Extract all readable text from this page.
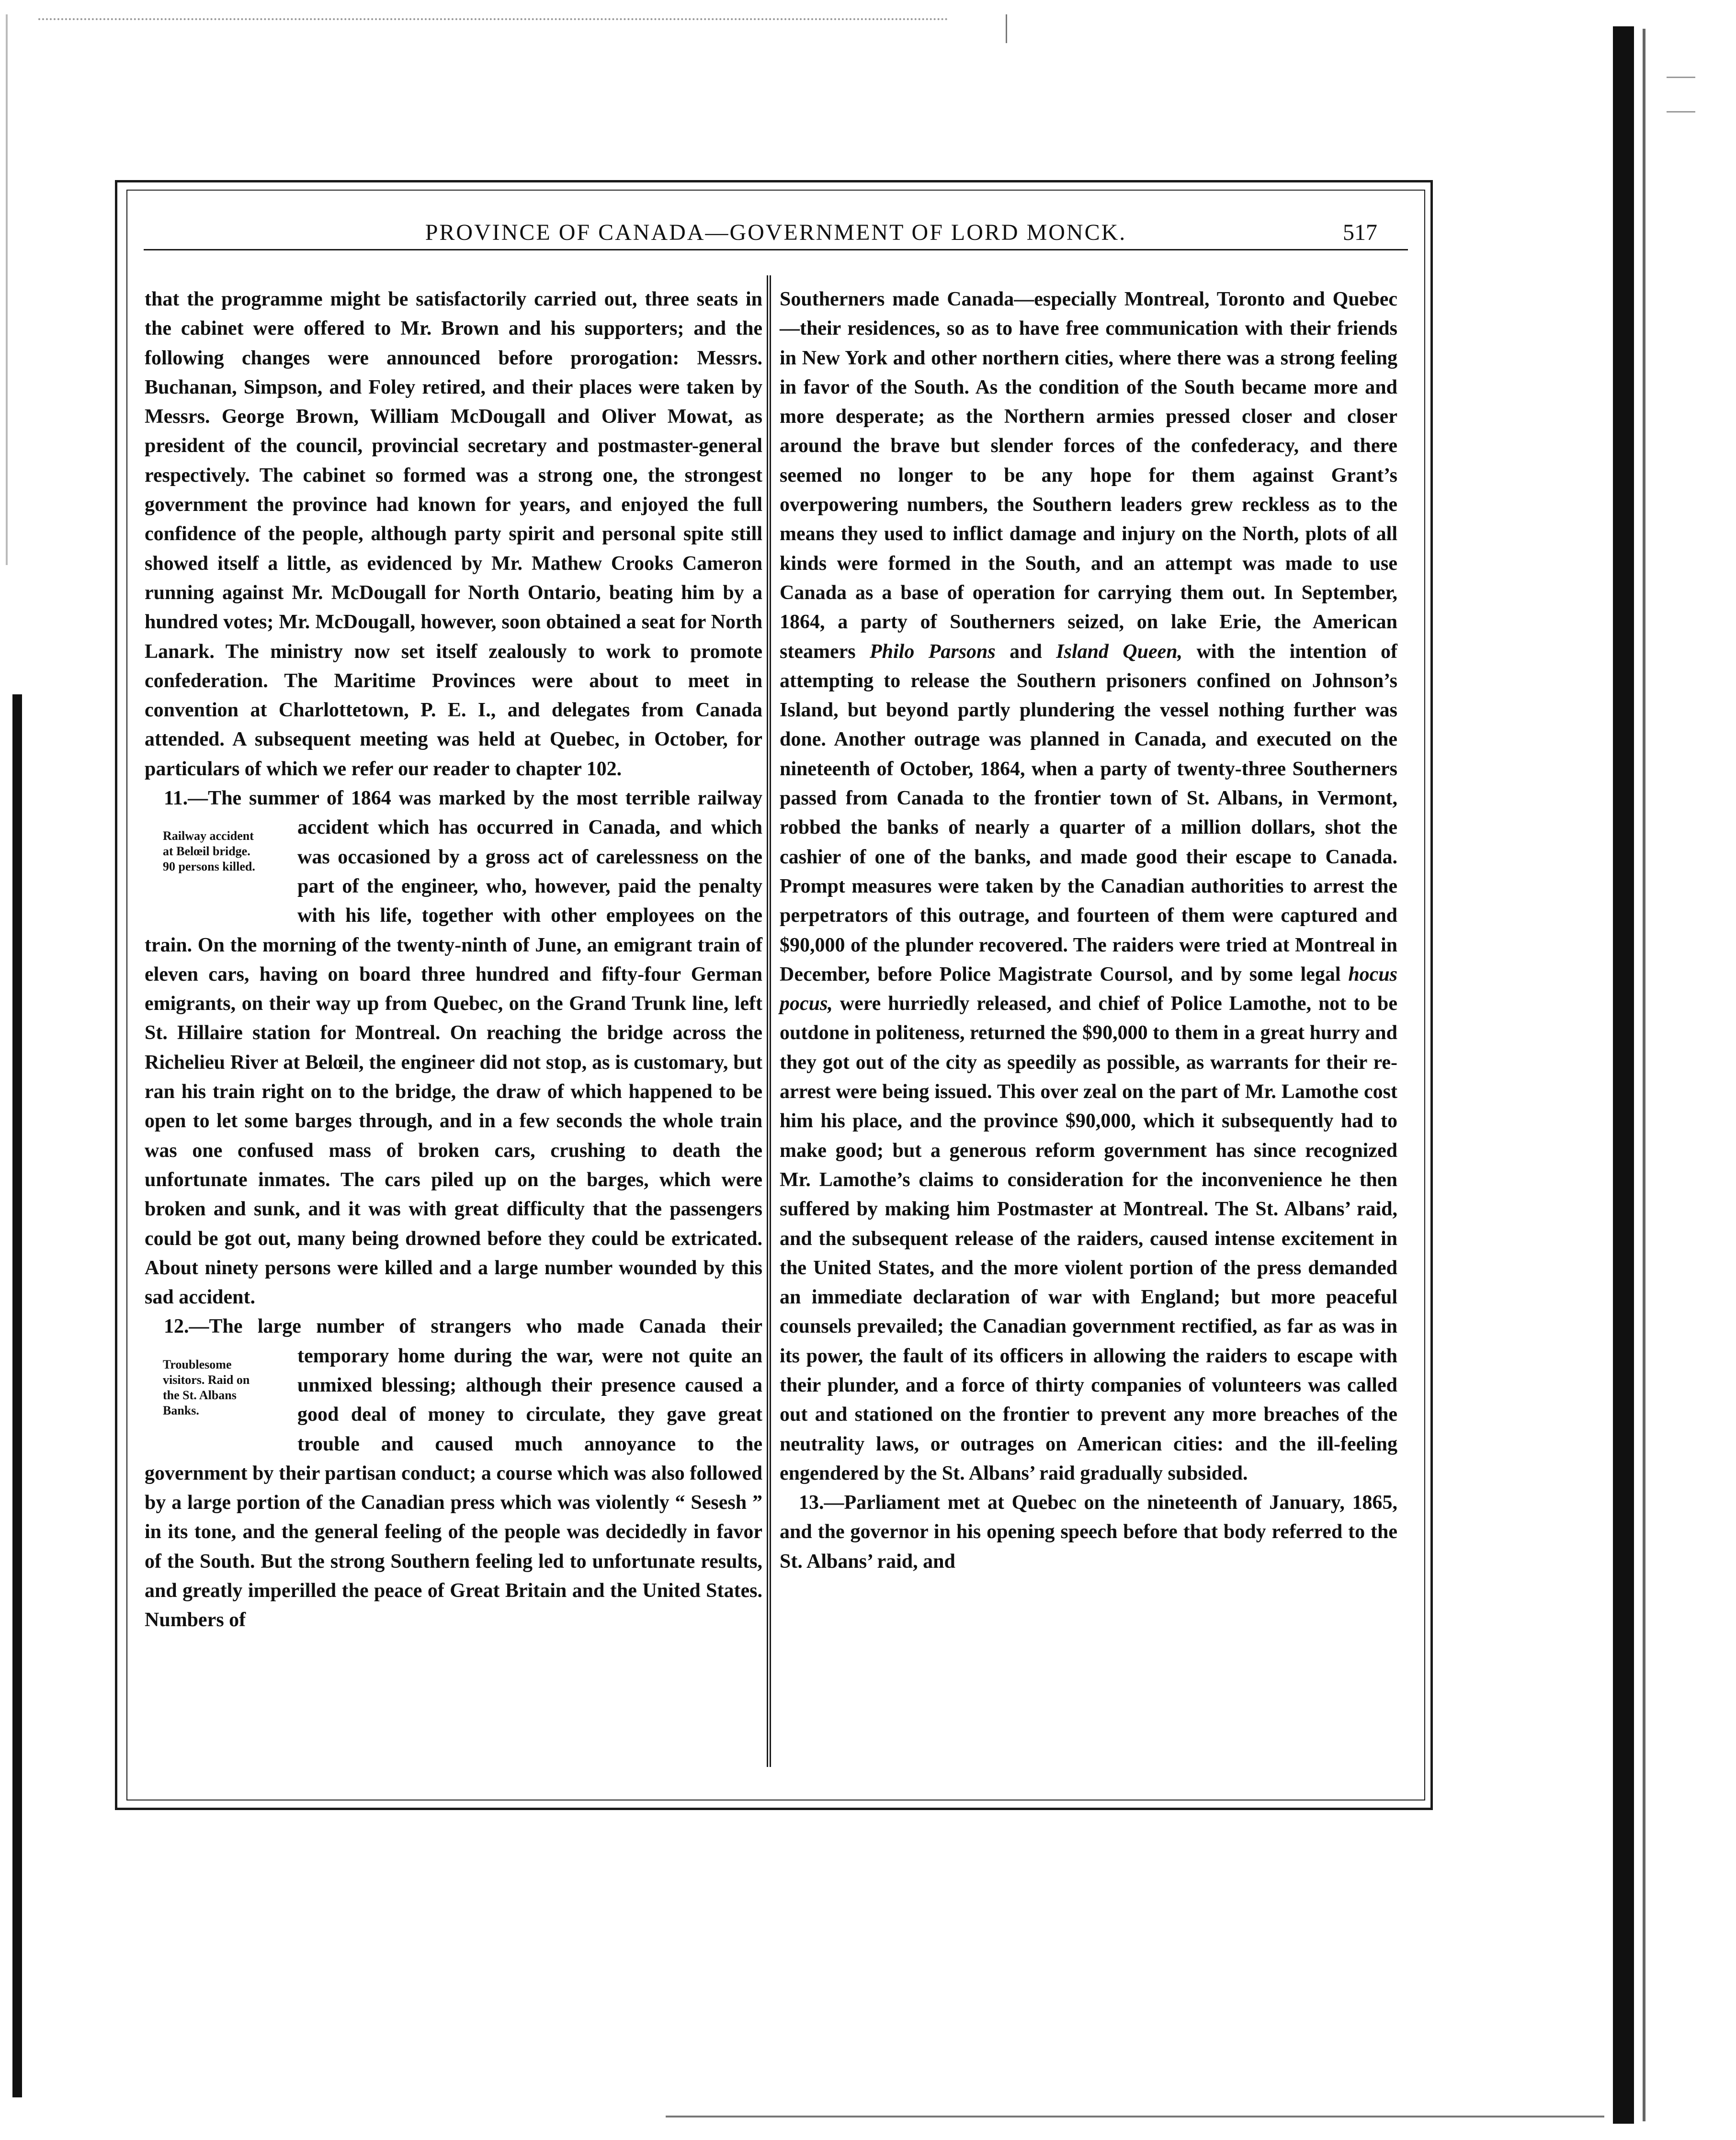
PROVINCE OF CANADA—GOVERNMENT OF LORD MONCK.	517

that the programme might be satisfactorily carried out, three seats in the cabinet were offered to Mr. Brown and his supporters; and the following changes were announced before prorogation: Messrs. Buchanan, Simpson, and Foley retired, and their places were taken by Messrs. George Brown, William McDougall and Oliver Mowat, as president of the council, provincial secretary and postmaster-general respectively. The cabinet so formed was a strong one, the strongest government the province had known for years, and enjoyed the full confidence of the people, although party spirit and personal spite still showed itself a little, as evidenced by Mr. Mathew Crooks Cameron running against Mr. McDougall for North Ontario, beating him by a hundred votes; Mr. McDougall, however, soon obtained a seat for North Lanark. The ministry now set itself zealously to work to promote confederation. The Maritime Provinces were about to meet in convention at Charlottetown, P. E. I., and delegates from Canada attended. A subsequent meeting was held at Quebec, in October, for particulars of which we refer our reader to chapter 102.

11.—The summer of 1864 was marked by the most terrible railway accident which has occurred in Canada,
Railway accident
at Belœil bridge.
90 persons killed.
and which was occasioned by a gross act of carelessness on the part of the engineer, who, however, paid the penalty with his life, together with other employees on the train. On the morning of the twenty-ninth of June, an emigrant train of eleven cars, having on board three hundred and fifty-four German emigrants, on their way up from Quebec, on the Grand Trunk line, left St. Hillaire station for Montreal. On reaching the bridge across the Richelieu River at Belœil, the engineer did not stop, as is customary, but ran his train right on to the bridge, the draw of which happened to be open to let some barges through, and in a few seconds the whole train was one confused mass of broken cars, crushing to death the unfortunate inmates. The cars piled up on the barges, which were broken and sunk, and it was with great difficulty that the passengers could be got out, many being drowned before they could be extricated. About ninety persons were killed and a large number wounded by this sad accident.

12.—The large number of strangers who made Canada their temporary home during the war, were not quite an
Troublesome
visitors. Raid on
the St. Albans
Banks.
unmixed blessing; although their presence caused a good deal of money to circulate, they gave great trouble and caused much annoyance to the government by their partisan conduct; a course which was also followed by a large portion of the Canadian press which was violently “ Sesesh ” in its tone, and the general feeling of the people was decidedly in favor of the South. But the strong Southern feeling led to unfortunate results, and greatly imperilled the peace of Great Britain and the United States. Numbers of

Southerners made Canada—especially Montreal, Toronto and Quebec—their residences, so as to have free communication with their friends in New York and other northern cities, where there was a strong feeling in favor of the South. As the condition of the South became more and more desperate; as the Northern armies pressed closer and closer around the brave but slender forces of the confederacy, and there seemed no longer to be any hope for them against Grant’s overpowering numbers, the Southern leaders grew reckless as to the means they used to inflict damage and injury on the North, plots of all kinds were formed in the South, and an attempt was made to use Canada as a base of operation for carrying them out. In September, 1864, a party of Southerners seized, on lake Erie, the American steamers Philo Parsons and Island Queen, with the intention of attempting to release the Southern prisoners confined on Johnson’s Island, but beyond partly plundering the vessel nothing further was done. Another outrage was planned in Canada, and executed on the nineteenth of October, 1864, when a party of twenty-three Southerners passed from Canada to the frontier town of St. Albans, in Vermont, robbed the banks of nearly a quarter of a million dollars, shot the cashier of one of the banks, and made good their escape to Canada. Prompt measures were taken by the Canadian authorities to arrest the perpetrators of this outrage, and fourteen of them were captured and $90,000 of the plunder recovered. The raiders were tried at Montreal in December, before Police Magistrate Coursol, and by some legal hocus pocus, were hurriedly released, and chief of Police Lamothe, not to be outdone in politeness, returned the $90,000 to them in a great hurry and they got out of the city as speedily as possible, as warrants for their re-arrest were being issued. This over zeal on the part of Mr. Lamothe cost him his place, and the province $90,000, which it subsequently had to make good; but a generous reform government has since recognized Mr. Lamothe’s claims to consideration for the inconvenience he then suffered by making him Postmaster at Montreal. The St. Albans’ raid, and the subsequent release of the raiders, caused intense excitement in the United States, and the more violent portion of the press demanded an immediate declaration of war with England; but more peaceful counsels prevailed; the Canadian government rectified, as far as was in its power, the fault of its officers in allowing the raiders to escape with their plunder, and a force of thirty companies of volunteers was called out and stationed on the frontier to prevent any more breaches of the neutrality laws, or outrages on American cities: and the ill-feeling engendered by the St. Albans’ raid gradually subsided.

13.—Parliament met at Quebec on the nineteenth of January, 1865, and the governor in his opening speech before that body referred to the St. Albans’ raid, and
